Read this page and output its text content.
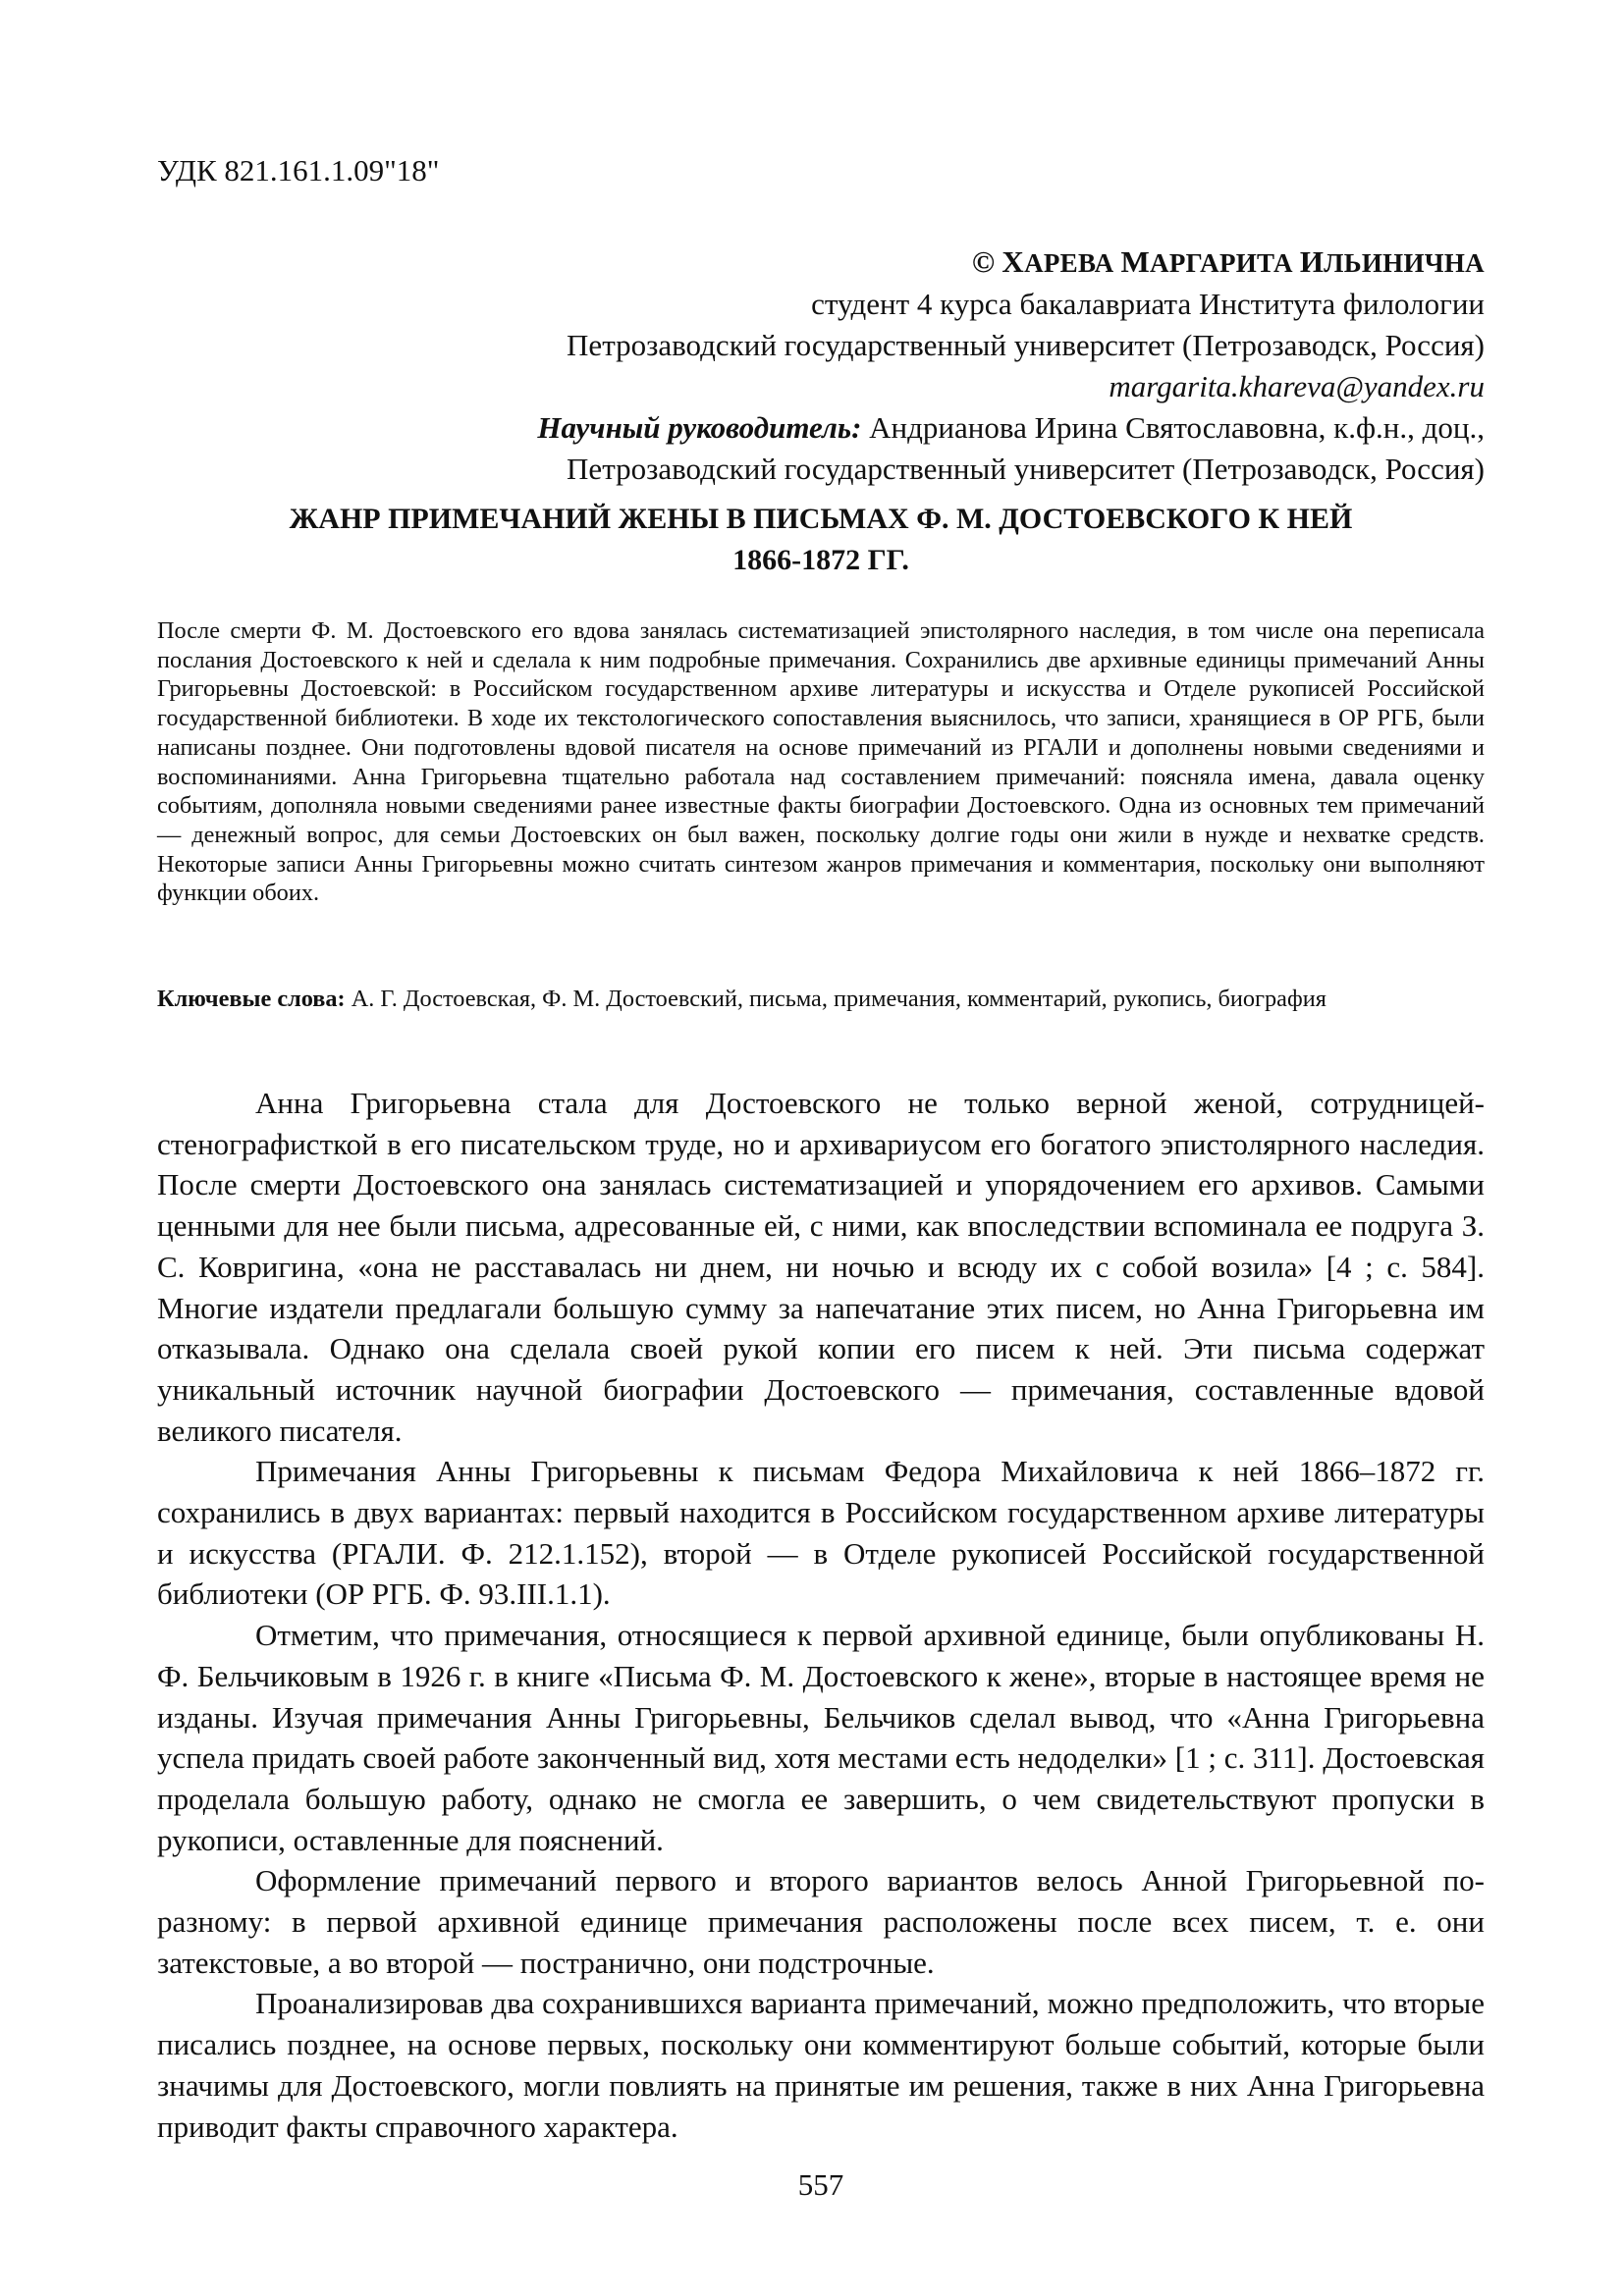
УДК 821.161.1.09"18"
© ХАРЕВА МАРГАРИТА ИЛЬИНИЧНА
студент 4 курса бакалавриата Института филологии
Петрозаводский государственный университет (Петрозаводск, Россия)
margarita.khareva@yandex.ru
Научный руководитель: Андрианова Ирина Святославовна, к.ф.н., доц.,
Петрозаводский государственный университет (Петрозаводск, Россия)
ЖАНР ПРИМЕЧАНИЙ ЖЕНЫ В ПИСЬМАХ Ф. М. ДОСТОЕВСКОГО К НЕЙ
1866-1872 ГГ.

После смерти Ф. М. Достоевского его вдова занялась систематизацией эпистолярного наследия, в том числе она переписала послания Достоевского к ней и сделала к ним подробные примечания. Сохранились две архивные единицы примечаний Анны Григорьевны Достоевской: в Российском государственном архиве литературы и искусства и Отделе рукописей Российской государственной библиотеки. В ходе их текстологического сопоставления выяснилось, что записи, хранящиеся в ОР РГБ, были написаны позднее. Они подготовлены вдовой писателя на основе примечаний из РГАЛИ и дополнены новыми сведениями и воспоминаниями. Анна Григорьевна тщательно работала над составлением примечаний: поясняла имена, давала оценку событиям, дополняла новыми сведениями ранее известные факты биографии Достоевского. Одна из основных тем примечаний — денежный вопрос, для семьи Достоевских он был важен, поскольку долгие годы они жили в нужде и нехватке средств. Некоторые записи Анны Григорьевны можно считать синтезом жанров примечания и комментария, поскольку они выполняют функции обоих.

Ключевые слова: А. Г. Достоевская, Ф. М. Достоевский, письма, примечания, комментарий, рукопись, биография

Анна Григорьевна стала для Достоевского не только верной женой, сотрудницей-стенографисткой в его писательском труде, но и архивариусом его богатого эпистолярного наследия. После смерти Достоевского она занялась систематизацией и упорядочением его архивов. Самыми ценными для нее были письма, адресованные ей, с ними, как впоследствии вспоминала ее подруга З. С. Ковригина, «она не расставалась ни днем, ни ночью и всюду их с собой возила» [4 ; с. 584]. Многие издатели предлагали большую сумму за напечатание этих писем, но Анна Григорьевна им отказывала. Однако она сделала своей рукой копии его писем к ней. Эти письма содержат уникальный источник научной биографии Достоевского — примечания, составленные вдовой великого писателя.

Примечания Анны Григорьевны к письмам Федора Михайловича к ней 1866–1872 гг. сохранились в двух вариантах: первый находится в Российском государственном архиве литературы и искусства (РГАЛИ. Ф. 212.1.152), второй — в Отделе рукописей Российской государственной библиотеки (ОР РГБ. Ф. 93.III.1.1).

Отметим, что примечания, относящиеся к первой архивной единице, были опубликованы Н. Ф. Бельчиковым в 1926 г. в книге «Письма Ф. М. Достоевского к жене», вторые в настоящее время не изданы. Изучая примечания Анны Григорьевны, Бельчиков сделал вывод, что «Анна Григорьевна успела придать своей работе законченный вид, хотя местами есть недоделки» [1 ; с. 311]. Достоевская проделала большую работу, однако не смогла ее завершить, о чем свидетельствуют пропуски в рукописи, оставленные для пояснений.

Оформление примечаний первого и второго вариантов велось Анной Григорьевной по-разному: в первой архивной единице примечания расположены после всех писем, т. е. они затекстовые, а во второй — постранично, они подстрочные.

Проанализировав два сохранившихся варианта примечаний, можно предположить, что вторые писались позднее, на основе первых, поскольку они комментируют больше событий, которые были значимы для Достоевского, могли повлиять на принятые им решения, также в них Анна Григорьевна приводит факты справочного характера.

557
